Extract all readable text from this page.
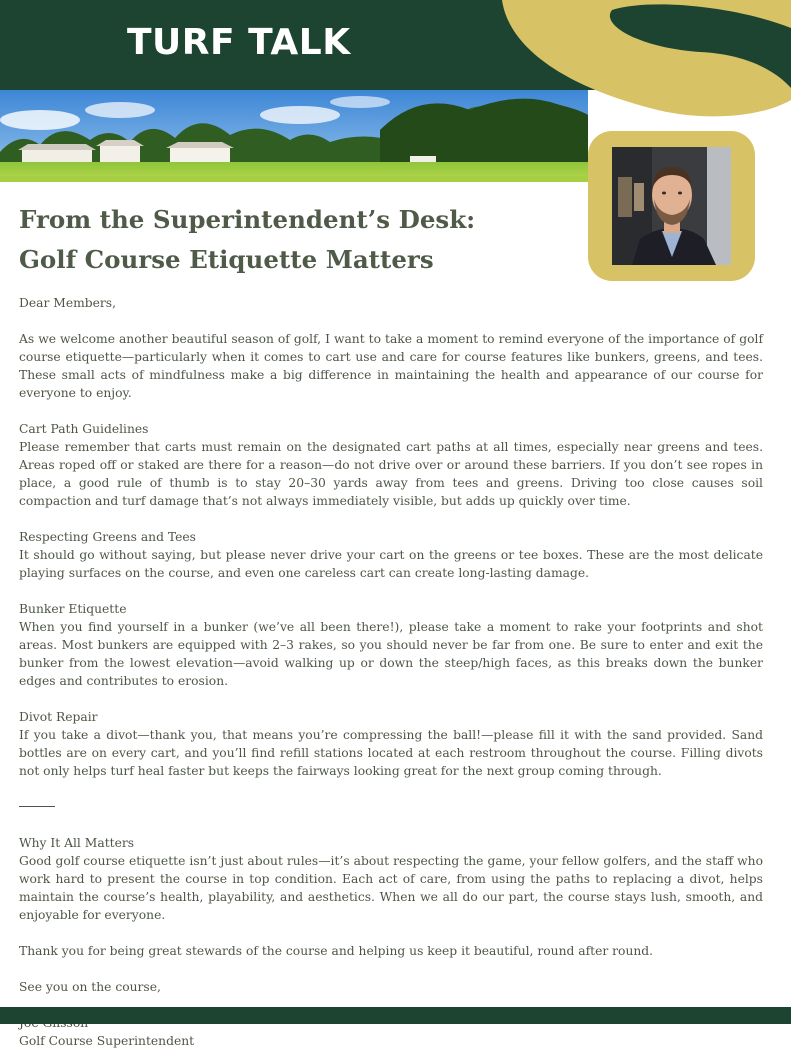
TURF TALK
From the Superintendent’s Desk:
Golf Course Etiquette Matters

Dear Members,

As we welcome another beautiful season of golf, I want to take a moment to remind everyone of the importance of golf course etiquette—particularly when it comes to cart use and care for course features like bunkers, greens, and tees. These small acts of mindfulness make a big difference in maintaining the health and appearance of our course for everyone to enjoy.

Cart Path Guidelines

Please remember that carts must remain on the designated cart paths at all times, especially near greens and tees. Areas roped off or staked are there for a reason—do not drive over or around these barriers. If you don’t see ropes in place, a good rule of thumb is to stay 20–30 yards away from tees and greens. Driving too close causes soil compaction and turf damage that’s not always immediately visible, but adds up quickly over time.

Respecting Greens and Tees

It should go without saying, but please never drive your cart on the greens or tee boxes. These are the most delicate playing surfaces on the course, and even one careless cart can create long-lasting damage.

Bunker Etiquette

When you find yourself in a bunker (we’ve all been there!), please take a moment to rake your footprints and shot areas. Most bunkers are equipped with 2–3 rakes, so you should never be far from one. Be sure to enter and exit the bunker from the lowest elevation—avoid walking up or down the steep/high faces, as this breaks down the bunker edges and contributes to erosion.

Divot Repair

If you take a divot—thank you, that means you’re compressing the ball!—please fill it with the sand provided. Sand bottles are on every cart, and you’ll find refill stations located at each restroom throughout the course. Filling divots not only helps turf heal faster but keeps the fairways looking great for the next group coming through.

Why It All Matters

Good golf course etiquette isn’t just about rules—it’s about respecting the game, your fellow golfers, and the staff who work hard to present the course in top condition. Each act of care, from using the paths to replacing a divot, helps maintain the course’s health, playability, and aesthetics. When we all do our part, the course stays lush, smooth, and enjoyable for everyone.

Thank you for being great stewards of the course and helping us keep it beautiful, round after round.

See you on the course,

Golf Course Superintendent
